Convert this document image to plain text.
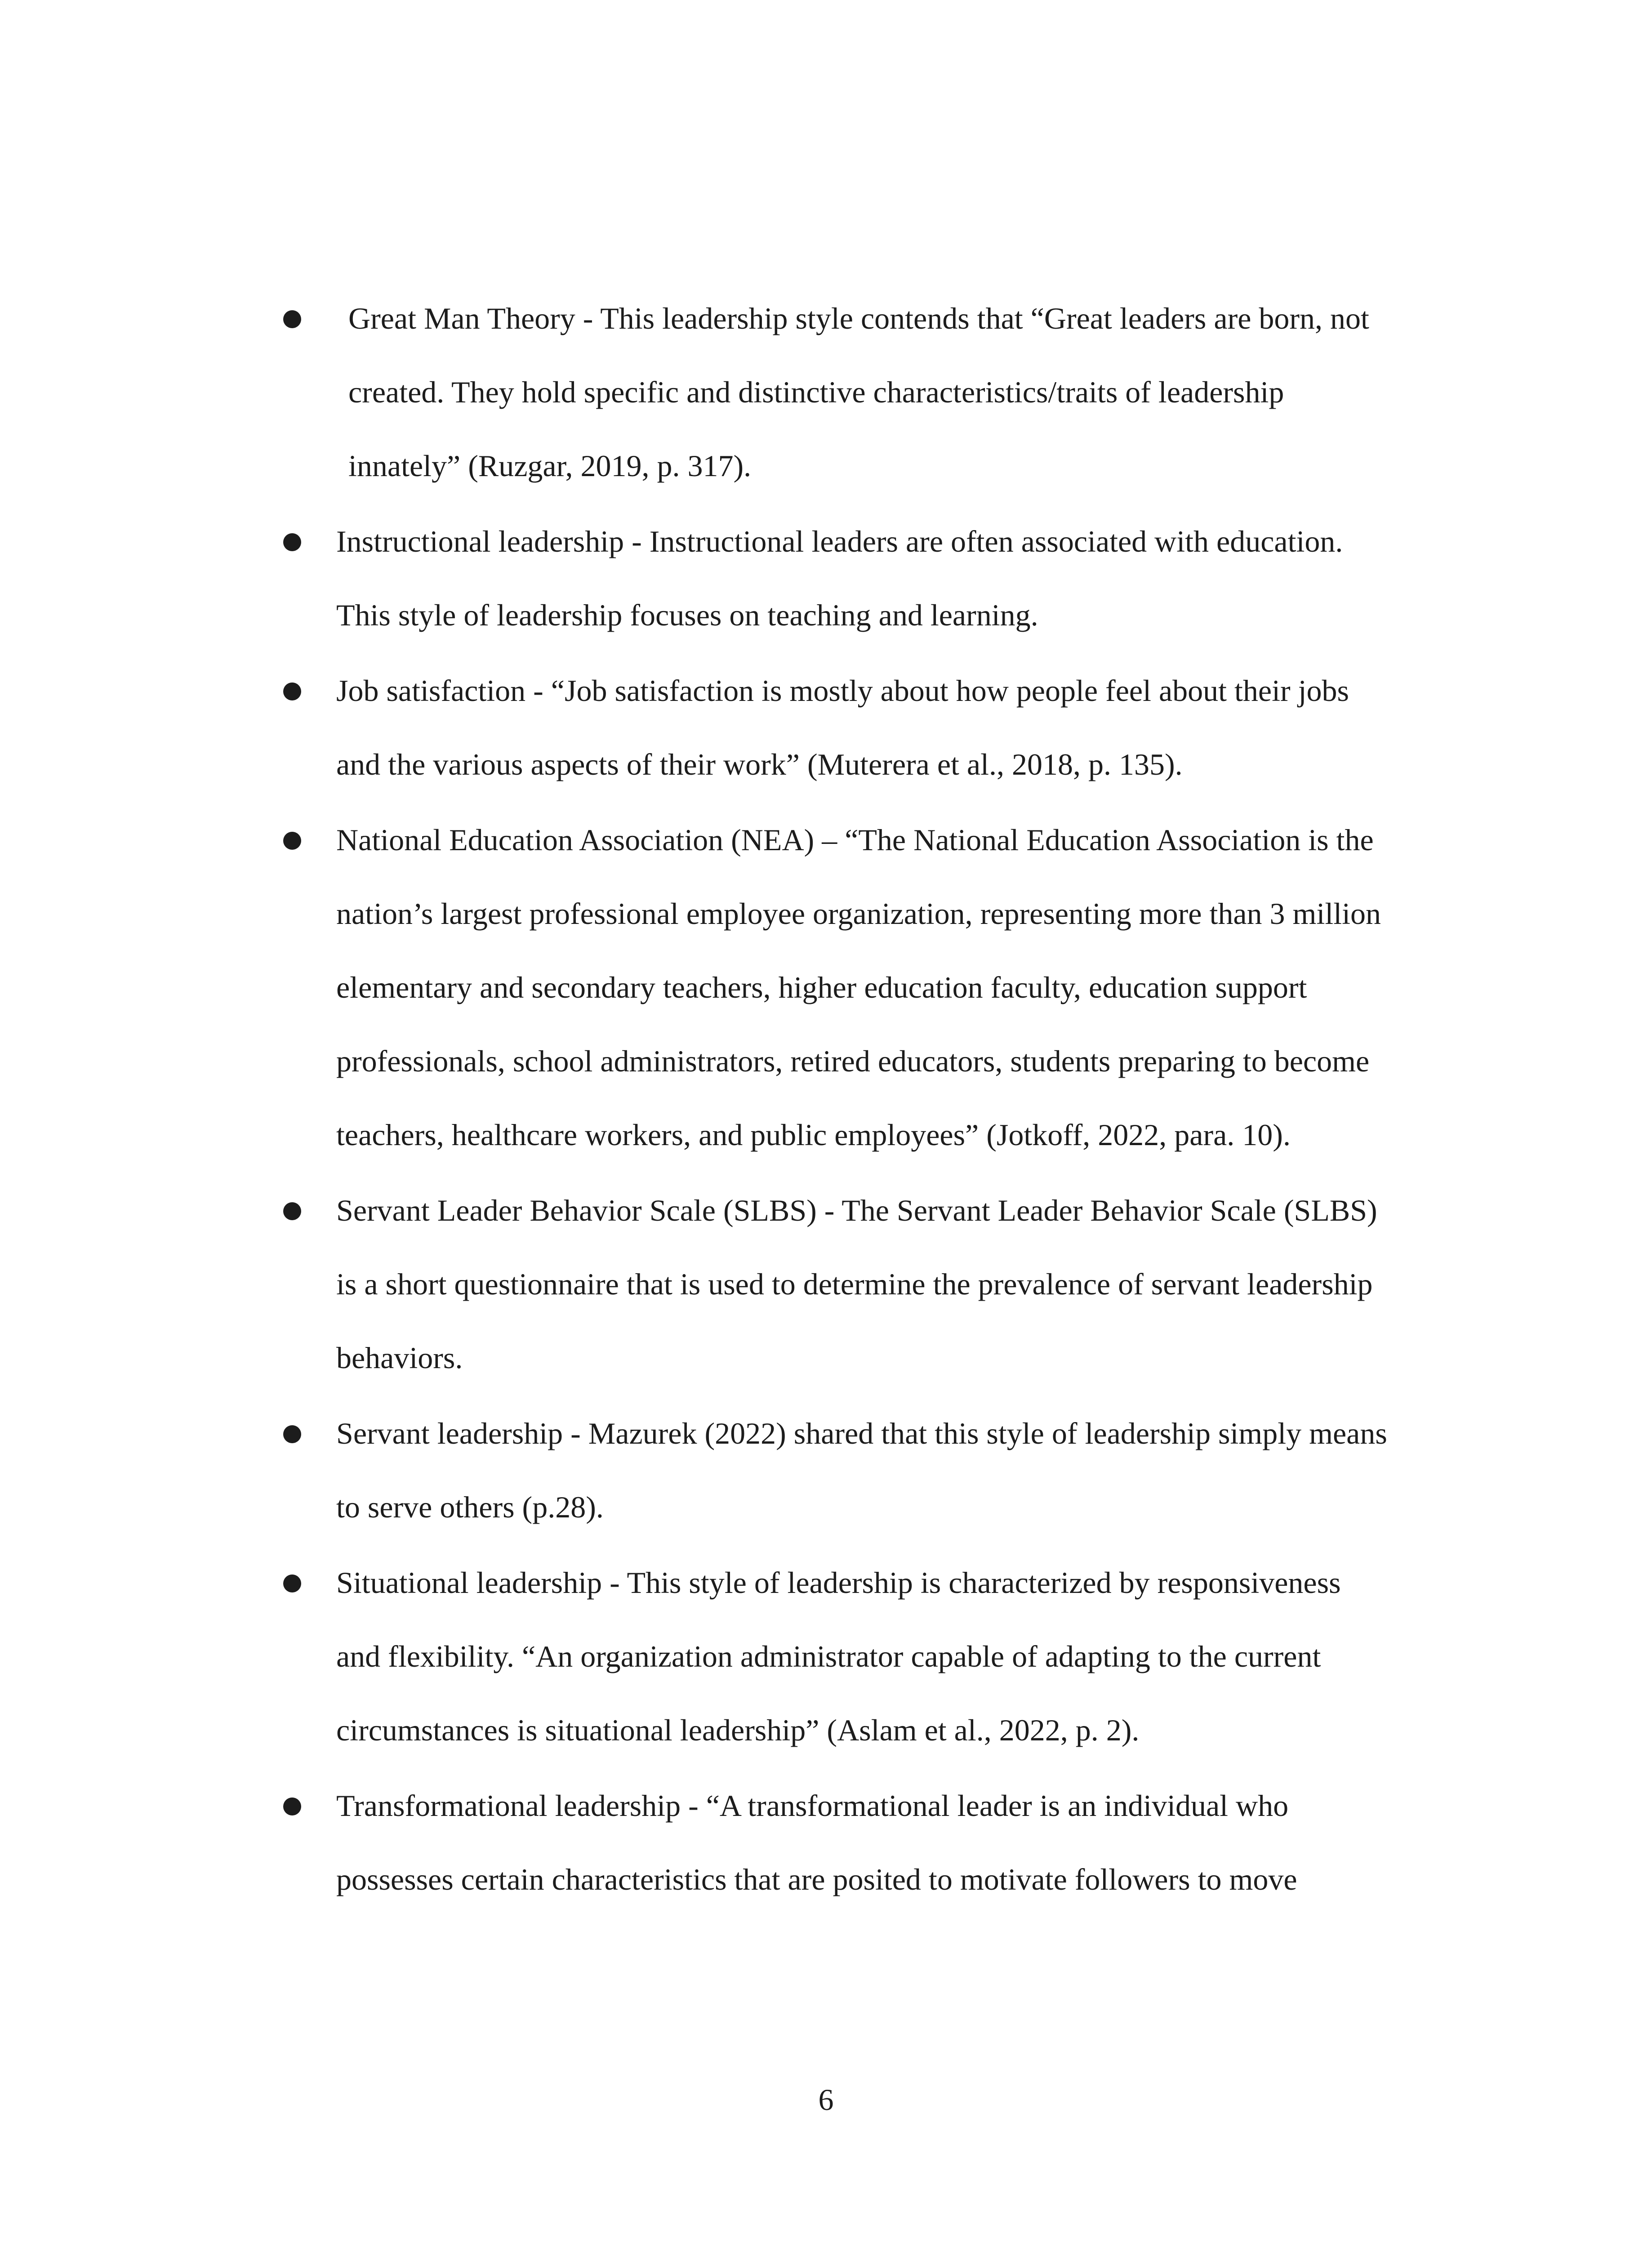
Great Man Theory - This leadership style contends that “Great leaders are born, not
created. They hold specific and distinctive characteristics/traits of leadership
innately” (Ruzgar, 2019, p. 317).
Instructional leadership - Instructional leaders are often associated with education.
This style of leadership focuses on teaching and learning.
Job satisfaction - “Job satisfaction is mostly about how people feel about their jobs
and the various aspects of their work” (Muterera et al., 2018, p. 135).
National Education Association (NEA) – “The National Education Association is the
nation’s largest professional employee organization, representing more than 3 million
elementary and secondary teachers, higher education faculty, education support
professionals, school administrators, retired educators, students preparing to become
teachers, healthcare workers, and public employees” (Jotkoff, 2022, para. 10).
Servant Leader Behavior Scale (SLBS) - The Servant Leader Behavior Scale (SLBS)
is a short questionnaire that is used to determine the prevalence of servant leadership
behaviors.
Servant leadership - Mazurek (2022) shared that this style of leadership simply means
to serve others (p.28).
Situational leadership - This style of leadership is characterized by responsiveness
and flexibility. “An organization administrator capable of adapting to the current
circumstances is situational leadership” (Aslam et al., 2022, p. 2).
Transformational leadership - “A transformational leader is an individual who
possesses certain characteristics that are posited to motivate followers to move
6
